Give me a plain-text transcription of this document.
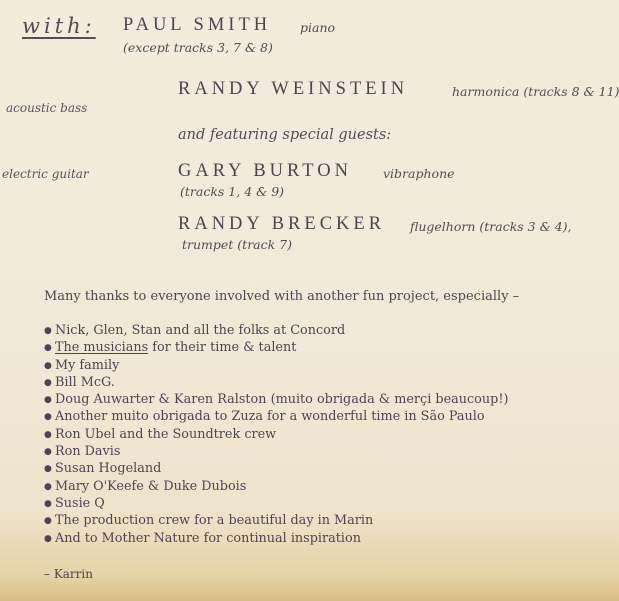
with: PAUL SMITH piano
(except tracks 3, 7 & 8)
RANDY WEINSTEIN	harmonica (tracks 8 & 11)
acoustic bass
and featuring special guests:
electric guitar	GARY BURTON vibraphone
(tracks 1, 4 & 9)
RANDY BRECKER flugelhorn (tracks 3 & 4),
trumpet (track 7)
Many thanks to everyone involved with another fun project, especially –
● Nick, Glen, Stan and all the folks at Concord
● The musicians for their time & talent
● My family
● Bill McG.
● Doug Auwarter & Karen Ralston (muito obrigada & merçi beaucoup!)
● Another muito obrigada to Zuza for a wonderful time in São Paulo
● Ron Ubel and the Soundtrek crew
● Ron Davis
● Susan Hogeland
● Mary O'Keefe & Duke Dubois
● Susie Q
● The production crew for a beautiful day in Marin
● And to Mother Nature for continual inspiration
– Karrin
